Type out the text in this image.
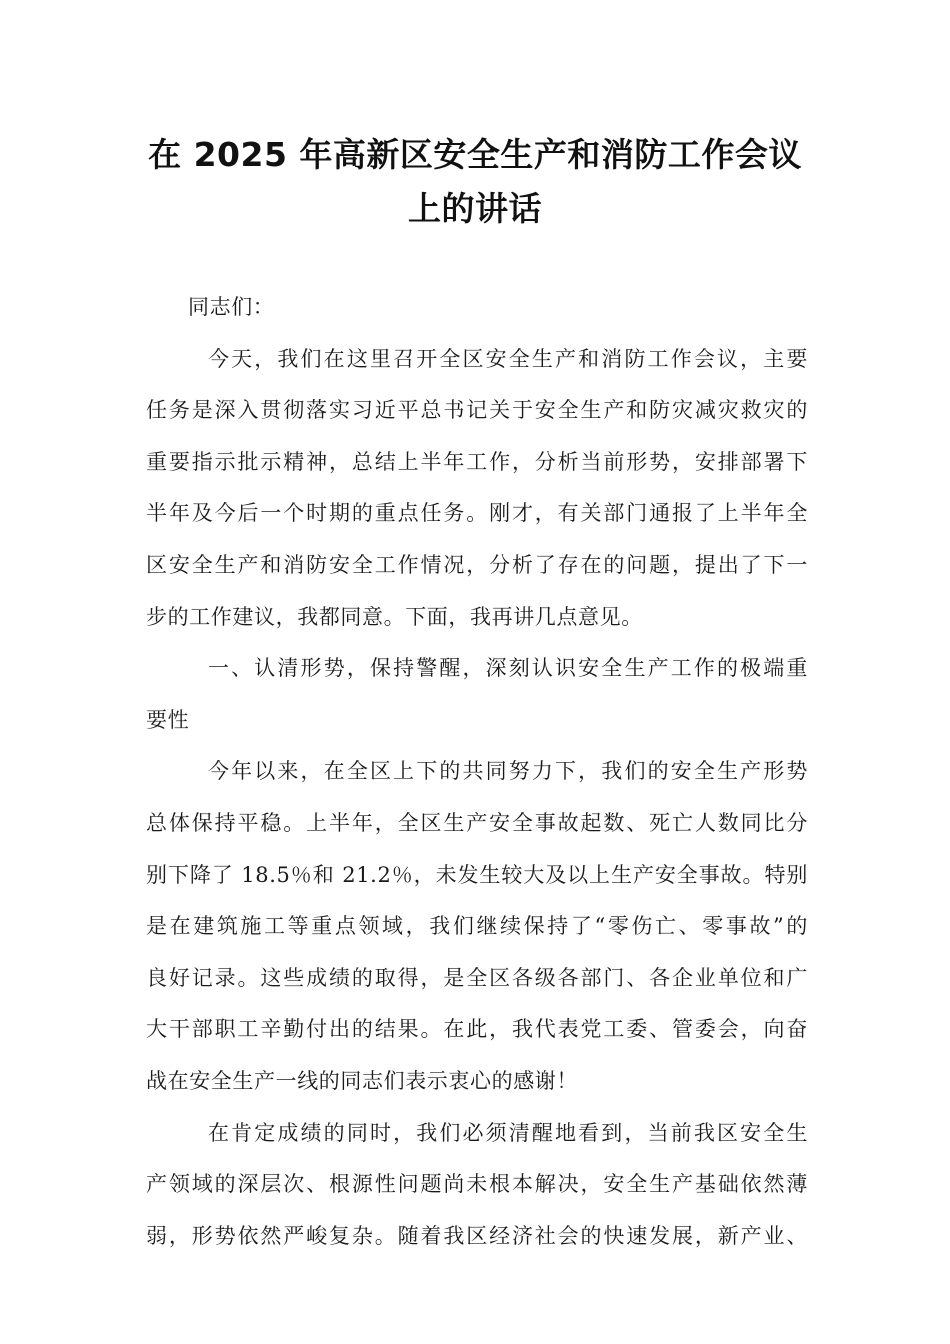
在 2025 年高新区安全生产和消防工作会议
上的讲话

同志们：

今天，我们在这里召开全区安全生产和消防工作会议，主要
任务是深入贯彻落实习近平总书记关于安全生产和防灾减灾救灾的
重要指示批示精神，总结上半年工作，分析当前形势，安排部署下
半年及今后一个时期的重点任务。刚才，有关部门通报了上半年全
区安全生产和消防安全工作情况，分析了存在的问题，提出了下一
步的工作建议，我都同意。下面，我再讲几点意见。

一、认清形势，保持警醒，深刻认识安全生产工作的极端重
要性

今年以来，在全区上下的共同努力下，我们的安全生产形势
总体保持平稳。上半年，全区生产安全事故起数、死亡人数同比分
别下降了 18.5％和 21.2％，未发生较大及以上生产安全事故。特别
是在建筑施工等重点领域，我们继续保持了“零伤亡、零事故”的
良好记录。这些成绩的取得，是全区各级各部门、各企业单位和广
大干部职工辛勤付出的结果。在此，我代表党工委、管委会，向奋
战在安全生产一线的同志们表示衷心的感谢！

在肯定成绩的同时，我们必须清醒地看到，当前我区安全生
产领域的深层次、根源性问题尚未根本解决，安全生产基础依然薄
弱，形势依然严峻复杂。随着我区经济社会的快速发展，新产业、
